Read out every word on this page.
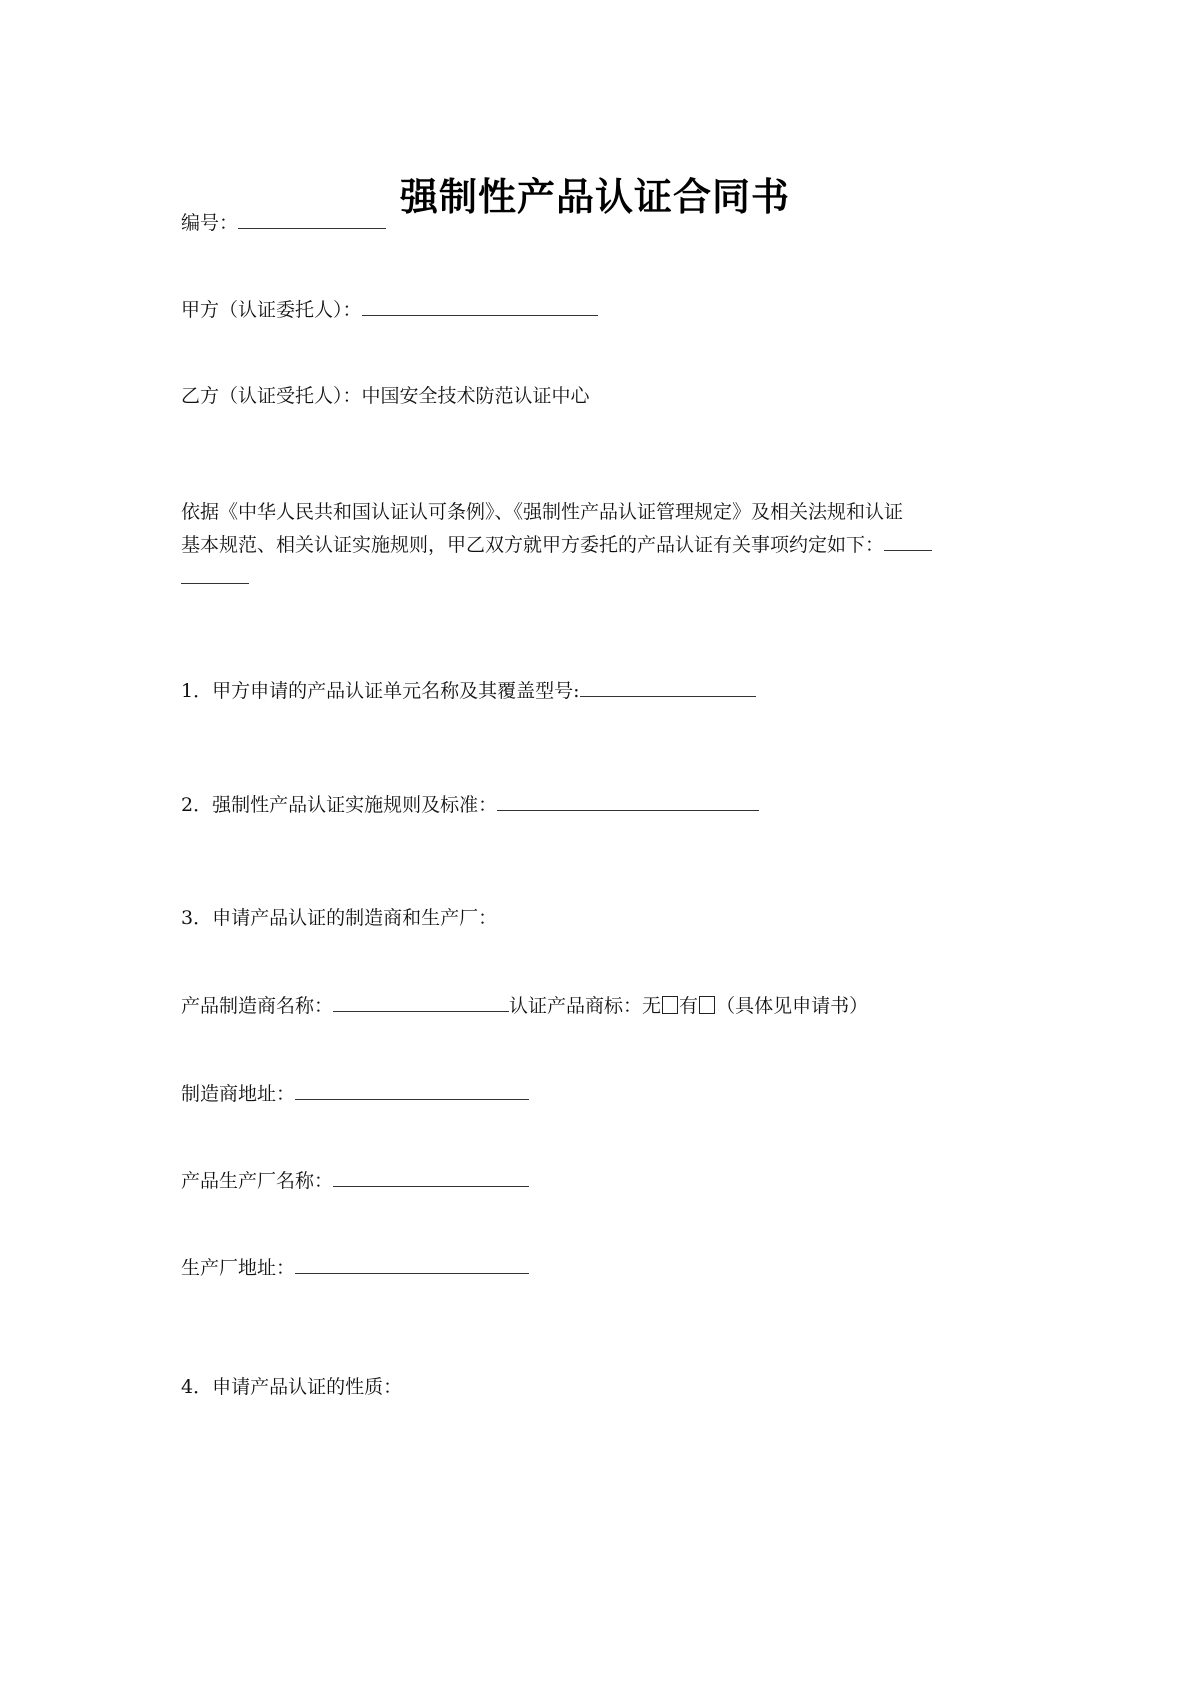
强制性产品认证合同书
编号：
甲方（认证委托人）：
乙方（认证受托人）：中国安全技术防范认证中心
依据《中华人民共和国认证认可条例》、《强制性产品认证管理规定》及相关法规和认证
基本规范、相关认证实施规则，甲乙双方就甲方委托的产品认证有关事项约定如下：
1．甲方申请的产品认证单元名称及其覆盖型号:
2．强制性产品认证实施规则及标准：
3．申请产品认证的制造商和生产厂：
产品制造商名称：	认证产品商标：无 有 （具体见申请书）
制造商地址：
产品生产厂名称：
生产厂地址：
4．申请产品认证的性质：
